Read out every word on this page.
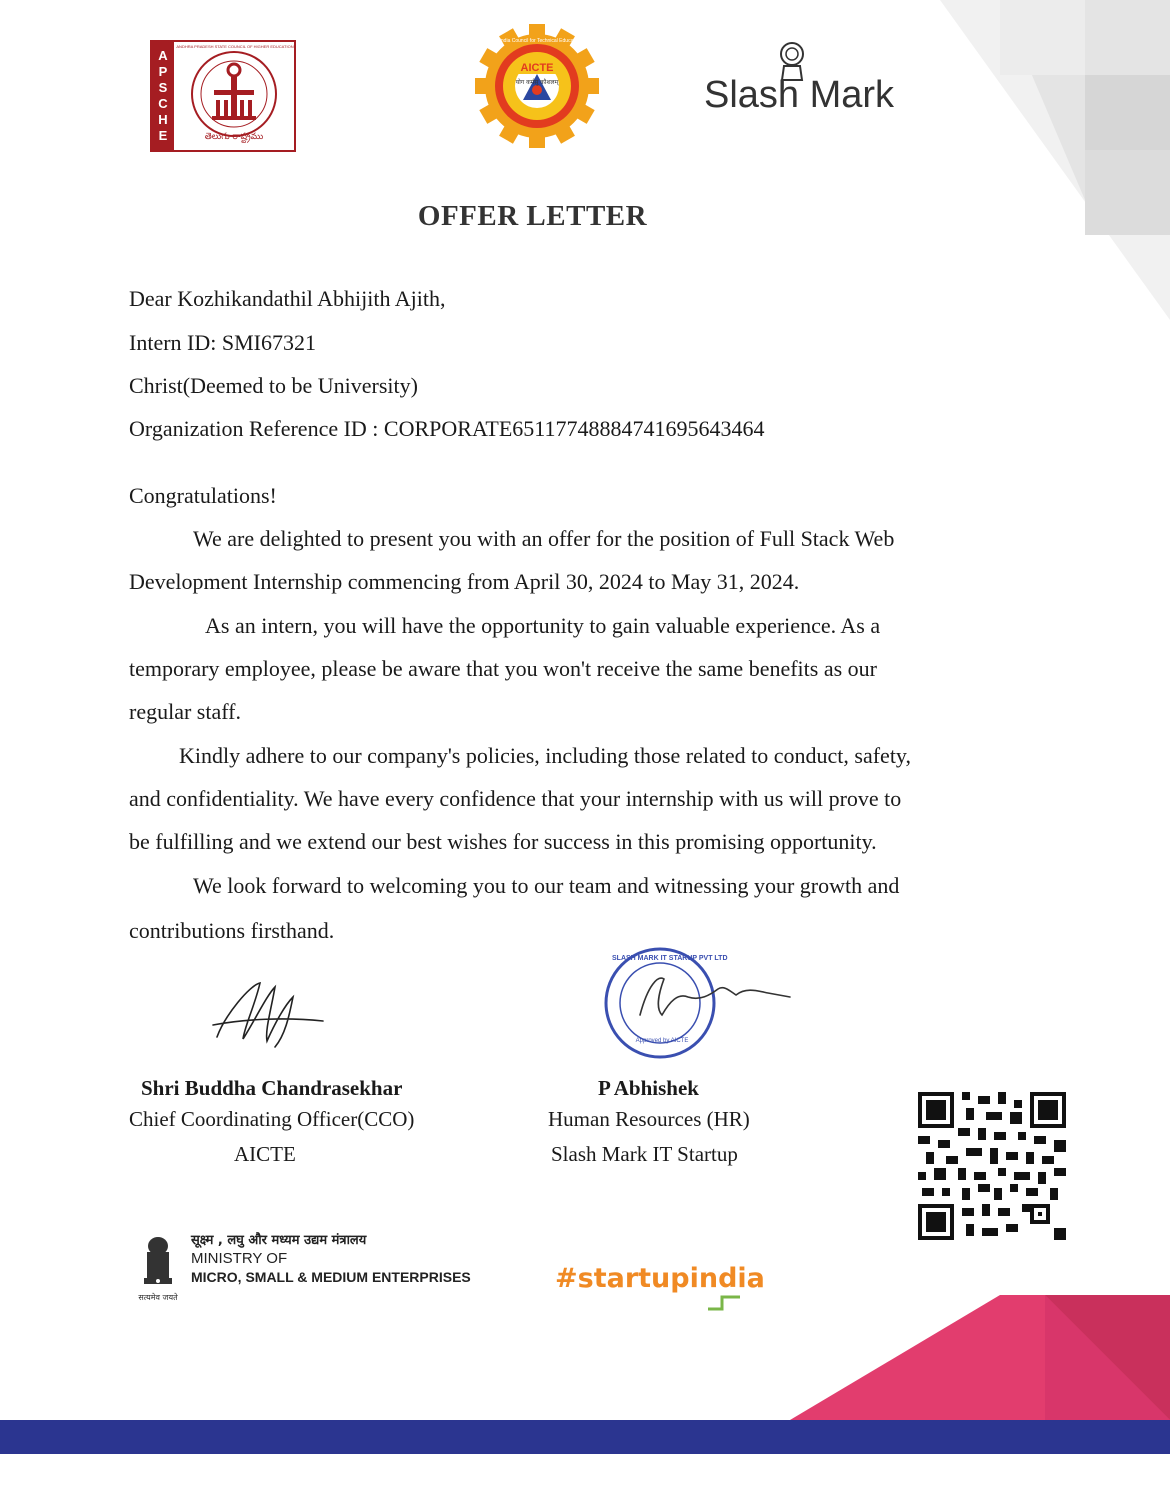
APSCHE
ANDHRA PRADESH STATE COUNCIL OF HIGHER EDUCATION
తెలుగు రాష్ట్రము
All India Council for Technical Education
AICTE
योग कर्मसु कौशलम्	Slash Mark
OFFER LETTER
Dear Kozhikandathil Abhijith Ajith,
Intern ID: SMI67321
Christ(Deemed to be University)
Organization Reference ID : CORPORATE65117748884741695643464
Congratulations!
We are delighted to present you with an offer for the position of Full Stack Web
Development Internship commencing from April 30, 2024 to May 31, 2024.
As an intern, you will have the opportunity to gain valuable experience. As a
temporary employee, please be aware that you won't receive the same benefits as our
regular staff.
Kindly adhere to our company's policies, including those related to conduct, safety,
and confidentiality. We have every confidence that your internship with us will prove to
be fulfilling and we extend our best wishes for success in this promising opportunity.
We look forward to welcoming you to our team and witnessing your growth and
contributions firsthand.
SLASH MARK IT STARUP PVT LTD
Approved by AICTE
Shri Buddha Chandrasekhar
Chief Coordinating Officer(CCO)
AICTE
P Abhishek
Human Resources (HR)
Slash Mark IT Startup
सत्यमेव जयते
सूक्ष्म , लघु और मध्यम उद्यम मंत्रालय
MINISTRY OF
MICRO, SMALL & MEDIUM ENTERPRISES	#startupindia
